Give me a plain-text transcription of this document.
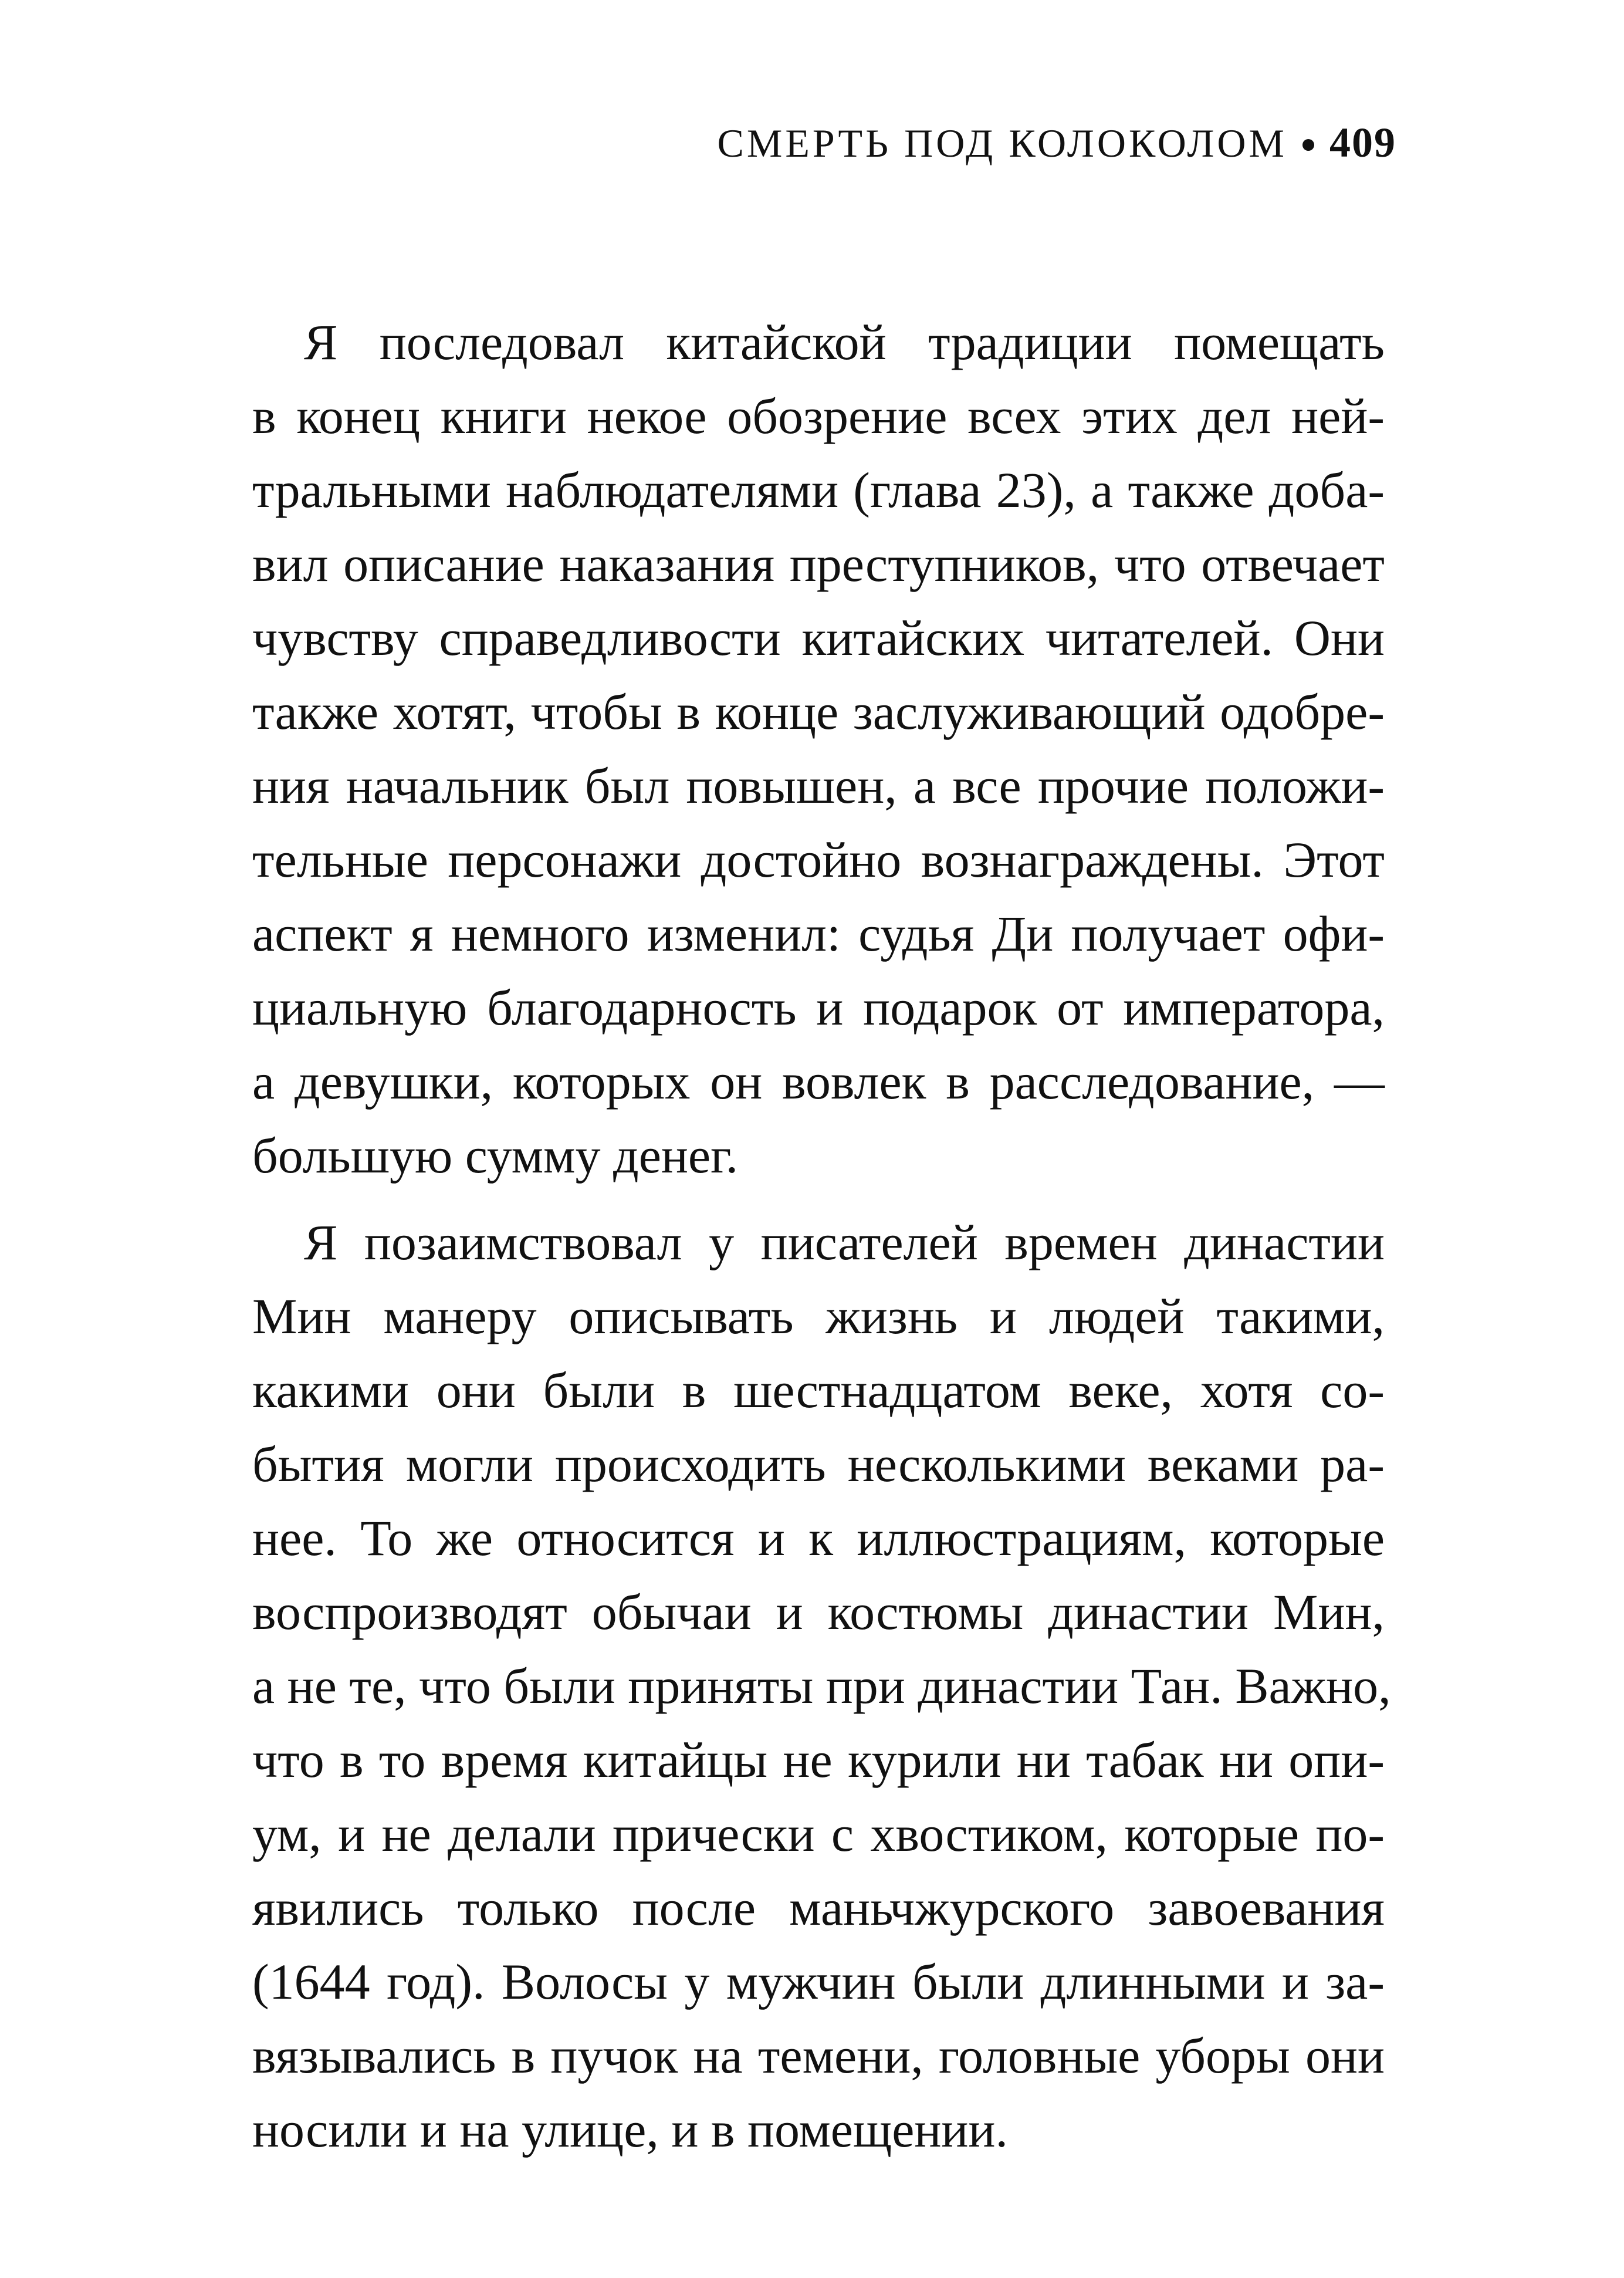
СМЕРТЬ ПОД КОЛОКОЛОМ 409
Я последовал китайской традиции помещать
в конец книги некое обозрение всех этих дел ней-
тральными наблюдателями (глава 23), а также доба-
вил описание наказания преступников, что отвечает
чувству справедливости китайских читателей. Они
также хотят, чтобы в конце заслуживающий одобре-
ния начальник был повышен, а все прочие положи-
тельные персонажи достойно вознаграждены. Этот
аспект я немного изменил: судья Ди получает офи-
циальную благодарность и подарок от императора,
а девушки, которых он вовлек в расследование, —
большую сумму денег.
Я позаимствовал у писателей времен династии
Мин манеру описывать жизнь и людей такими,
какими они были в шестнадцатом веке, хотя со-
бытия могли происходить несколькими веками ра-
нее. То же относится и к иллюстрациям, которые
воспроизводят обычаи и костюмы династии Мин,
а не те, что были приняты при династии Тан. Важно,
что в то время китайцы не курили ни табак ни опи-
ум, и не делали прически с хвостиком, которые по-
явились только после маньчжурского завоевания
(1644 год). Волосы у мужчин были длинными и за-
вязывались в пучок на темени, головные уборы они
носили и на улице, и в помещении.
